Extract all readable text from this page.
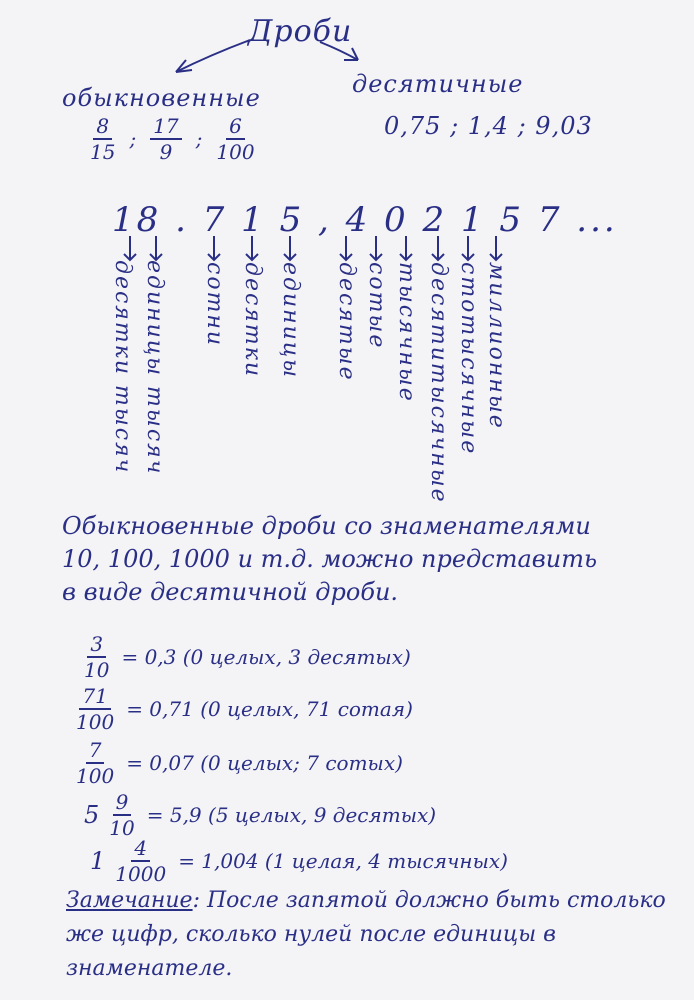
Дроби
обыкновенные	десятичные
$\frac{8}{15}$ ; $\frac{17}{9}$ ; $\frac{6}{100}$	0,75 ; 1,4 ; 9,03
18 . 7 1 5 , 4 0 2 1 5 7 ...
десятки тысяч единицы тысяч сотни десятки единицы десятые сотые тысячные десятитысячные стотысячные миллионные
Обыкновенные дроби со знаменателями
10, 100, 1000 и т.д. можно представить
в виде десятичной дроби.
$\frac{3}{10} = 0,3$ (0 целых, 3 десятых)
$\frac{71}{100} = 0,71$ (0 целых, 71 сотая)
$\frac{7}{100} = 0,07$ (0 целых; 7 сотых)
$5 \frac{9}{10} = 5,9$ (5 целых, 9 десятых)
$1 \frac{4}{1000} = 1,004$ (1 целая, 4 тысячных)
Замечание: После запятой должно быть столько же цифр, сколько нулей после единицы в знаменателе.
